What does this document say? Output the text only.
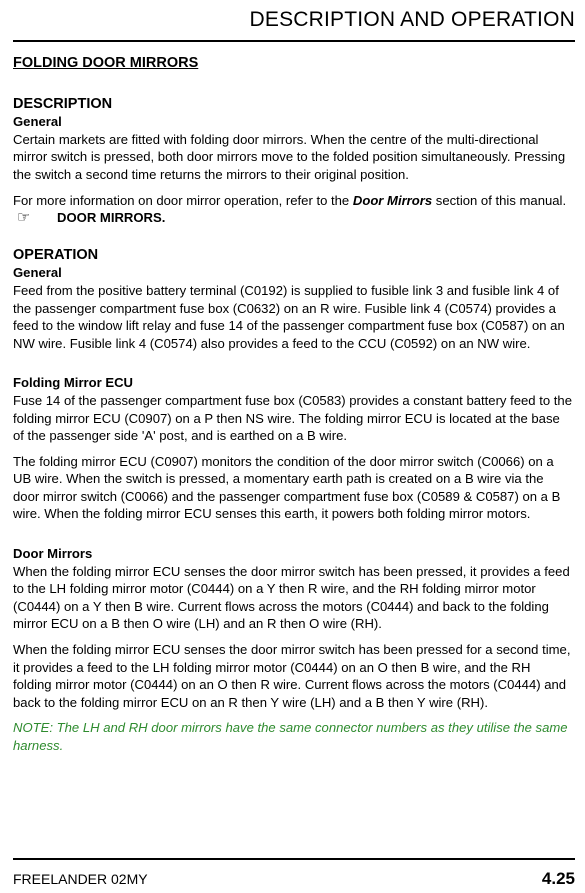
DESCRIPTION AND OPERATION
FOLDING DOOR MIRRORS
DESCRIPTION
General

Certain markets are fitted with folding door mirrors. When the centre of the multi-directional mirror switch is pressed, both door mirrors move to the folded position simultaneously. Pressing the switch a second time returns the mirrors to their original position.

For more information on door mirror operation, refer to the Door Mirrors section of this manual.

☞	DOOR MIRRORS.
OPERATION
General

Feed from the positive battery terminal (C0192) is supplied to fusible link 3 and fusible link 4 of the passenger compartment fuse box (C0632) on an R wire. Fusible link 4 (C0574) provides a feed to the window lift relay and fuse 14 of the passenger compartment fuse box (C0587) on an NW wire. Fusible link 4 (C0574) also provides a feed to the CCU (C0592) on an NW wire.

Folding Mirror ECU

Fuse 14 of the passenger compartment fuse box (C0583) provides a constant battery feed to the folding mirror ECU (C0907) on a P then NS wire. The folding mirror ECU is located at the base of the passenger side 'A' post, and is earthed on a B wire.

The folding mirror ECU (C0907) monitors the condition of the door mirror switch (C0066) on a UB wire. When the switch is pressed, a momentary earth path is created on a B wire via the door mirror switch (C0066) and the passenger compartment fuse box (C0589 & C0587) on a B wire. When the folding mirror ECU senses this earth, it powers both folding mirror motors.

Door Mirrors

When the folding mirror ECU senses the door mirror switch has been pressed, it provides a feed to the LH folding mirror motor (C0444) on a Y then R wire, and the RH folding mirror motor (C0444) on a Y then B wire. Current flows across the motors (C0444) and back to the folding mirror ECU on a B then O wire (LH) and an R then O wire (RH).

When the folding mirror ECU senses the door mirror switch has been pressed for a second time, it provides a feed to the LH folding mirror motor (C0444) on an O then B wire, and the RH folding mirror motor (C0444) on an O then R wire. Current flows across the motors (C0444) and back to the folding mirror ECU on an R then Y wire (LH) and a B then Y wire (RH).

NOTE: The LH and RH door mirrors have the same connector numbers as they utilise the same harness.

FREELANDER 02MY	4.25
